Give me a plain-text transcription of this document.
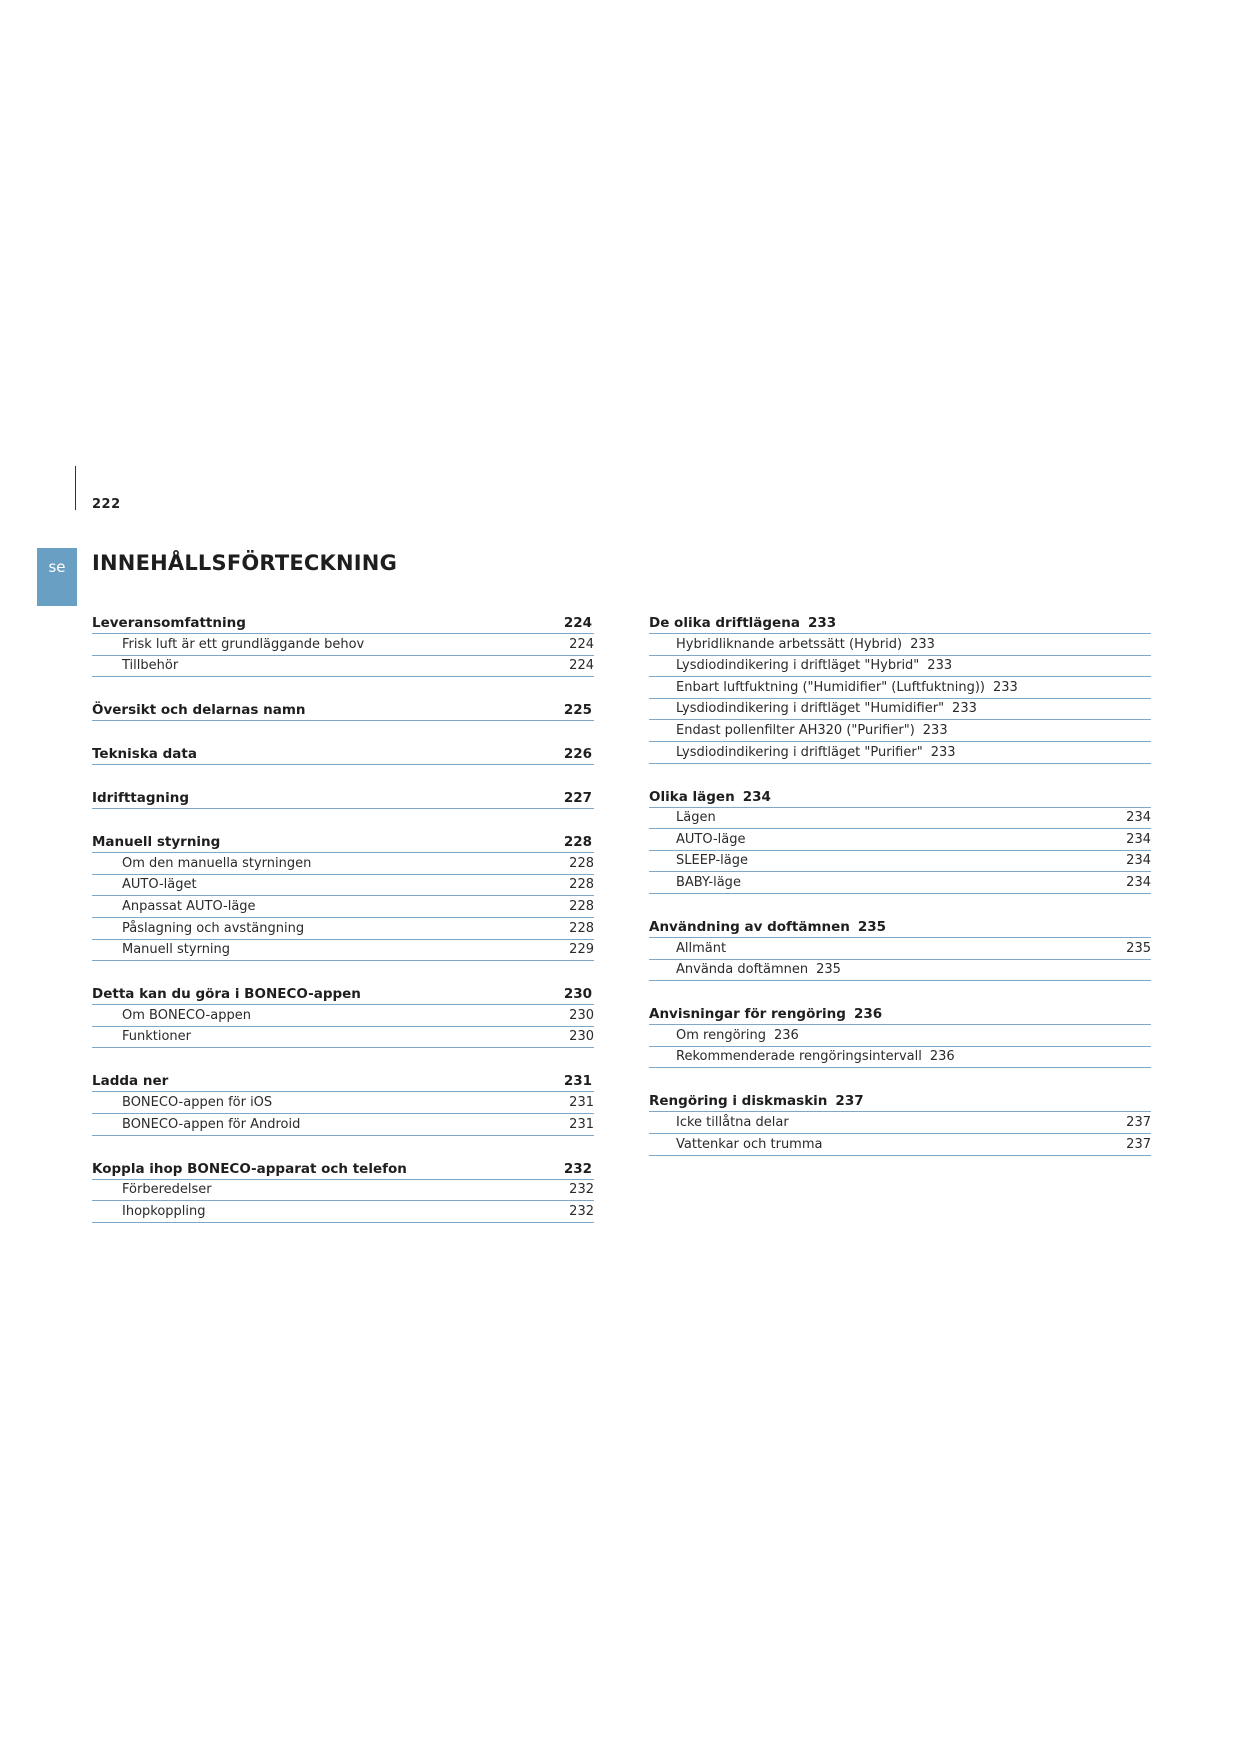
222
se	INNEHÅLLSFÖRTECKNING
Leveransomfattning	224
Frisk luft är ett grundläggande behov	224
Tillbehör	224
Översikt och delarnas namn	225
Tekniska data	226
Idrifttagning	227
Manuell styrning	228
Om den manuella styrningen	228
AUTO-läget	228
Anpassat AUTO-läge	228
Påslagning och avstängning	228
Manuell styrning	229
Detta kan du göra i BONECO-appen	230
Om BONECO-appen	230
Funktioner	230
Ladda ner	231
BONECO-appen för iOS	231
BONECO-appen för Android	231
Koppla ihop BONECO-apparat och telefon	232
Förberedelser	232
Ihopkoppling	232
De olika driftlägena 233
Hybridliknande arbetssätt (Hybrid) 233
Lysdiodindikering i driftläget "Hybrid" 233
Enbart luftfuktning ("Humidifier" (Luftfuktning)) 233
Lysdiodindikering i driftläget "Humidifier" 233
Endast pollenfilter AH320 ("Purifier") 233
Lysdiodindikering i driftläget "Purifier" 233
Olika lägen 234
Lägen	234
AUTO-läge	234
SLEEP-läge	234
BABY-läge	234
Användning av doftämnen 235
Allmänt	235
Använda doftämnen 235
Anvisningar för rengöring 236
Om rengöring 236
Rekommenderade rengöringsintervall 236
Rengöring i diskmaskin 237
Icke tillåtna delar	237
Vattenkar och trumma	237
